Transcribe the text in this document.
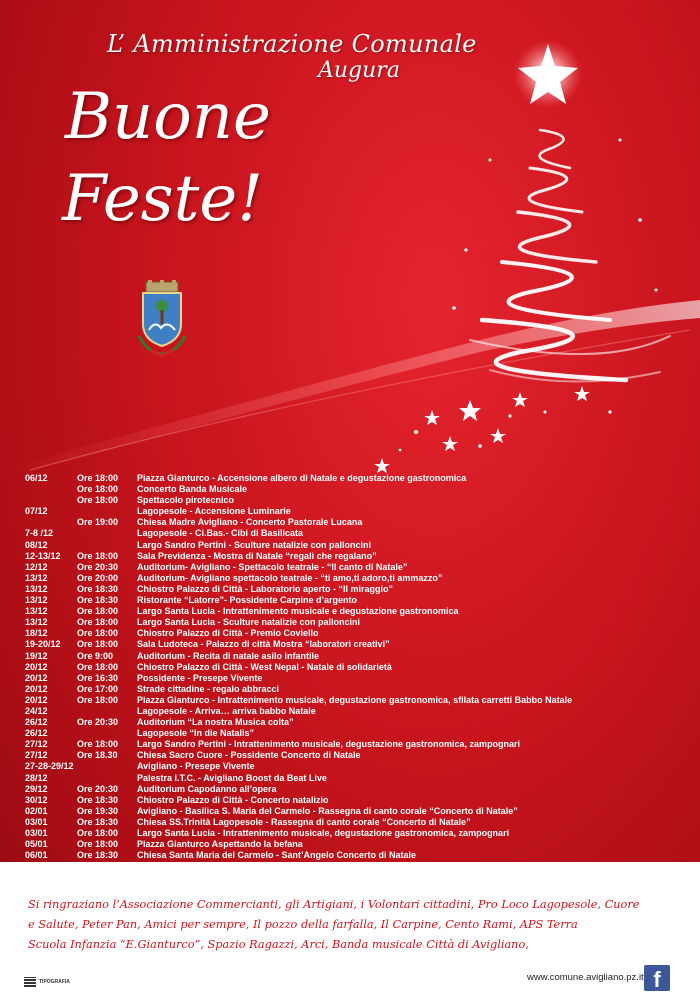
L’ Amministrazione Comunale
Augura
Buone
Feste!
06/12	Ore 18:00	Piazza Gianturco - Accensione albero di Natale e degustazione gastronomica
Ore 18:00	Concerto Banda Musicale
Ore 18:00	Spettacolo pirotecnico
07/12	Lagopesole - Accensione Luminarie
Ore 19:00	Chiesa Madre Avigliano - Concerto Pastorale Lucana
7-8 /12	Lagopesole - Ci.Bas.- Cibi di Basilicata
08/12	Largo Sandro Pertini - Sculture natalizie con palloncini
12-13/12	Ore 18:00	Sala Previdenza - Mostra di Natale “regali che regalano”
12/12	Ore 20:30	Auditorium- Avigliano - Spettacolo teatrale - “Il canto di Natale”
13/12	Ore 20:00	Auditorium- Avigliano spettacolo teatrale - “ti amo,ti adoro,ti ammazzo”
13/12	Ore 18:30	Chiostro Palazzo di Città - Laboratorio aperto - “Il miraggio”
13/12	Ore 18:30	Ristorante “Latorre”- Possidente Carpine d’argento
13/12	Ore 18:00	Largo Santa Lucia - Intrattenimento musicale e degustazione gastronomica
13/12	Ore 18:00	Largo Santa Lucia - Sculture natalizie con palloncini
18/12	Ore 18:00	Chiostro Palazzo di Città - Premio Coviello
19-20/12	Ore 18:00	Sala Ludoteca - Palazzo di città Mostra “laboratori creativi”
19/12	Ore 9:00	Auditorium - Recita di natale asilo infantile
20/12	Ore 18:00	Chiostro Palazzo di Città - West Nepal - Natale di solidarietà
20/12	Ore 16:30	Possidente - Presepe Vivente
20/12	Ore 17:00	Strade cittadine - regalo abbracci
20/12	Ore 18:00	Piazza Gianturco - Intrattenimento musicale, degustazione gastronomica, sfilata carretti Babbo Natale
24/12	Lagopesole - Arriva… arriva babbo Natale
26/12	Ore 20:30	Auditorium “La nostra Musica colta”
26/12	Lagopesole “In die Natalis”
27/12	Ore 18:00	Largo Sandro Pertini - Intrattenimento musicale, degustazione gastronomica, zampognari
27/12	Ore 18.30	Chiesa Sacro Cuore - Possidente Concerto di Natale
27-28-29/12	Avigliano - Presepe Vivente
28/12	Palestra I.T.C. - Avigliano Boost da Beat Live
29/12	Ore 20:30	Auditorium Capodanno all’opera
30/12	Ore 18:30	Chiostro Palazzo di Città - Concerto natalizio
02/01	Ore 19:30	Avigliano - Basilica S. Maria del Carmelo - Rassegna di canto corale “Concerto di Natale”
03/01	Ore 18:30	Chiesa SS.Trinità Lagopesole - Rassegna di canto corale “Concerto di Natale”
03/01	Ore 18:00	Largo Santa Lucia - Intrattenimento musicale, degustazione gastronomica, zampognari
05/01	Ore 18:00	Piazza Gianturco Aspettando la befana
06/01	Ore 18:30	Chiesa Santa Maria del Carmelo - Sant’Angelo Concerto di Natale
Si ringraziano l’Associazione Commercianti, gli Artigiani, i Volontari cittadini, Pro Loco Lagopesole, Cuore
e Salute, Peter Pan, Amici per sempre, Il pozzo della farfalla, Il Carpine, Cento Rami, APS Terra
Scuola Infanzia “E.Gianturco”, Spazio Ragazzi, Arci, Banda musicale Città di Avigliano,
TIPOGRAFIA	www.comune.avigliano.pz.it f
